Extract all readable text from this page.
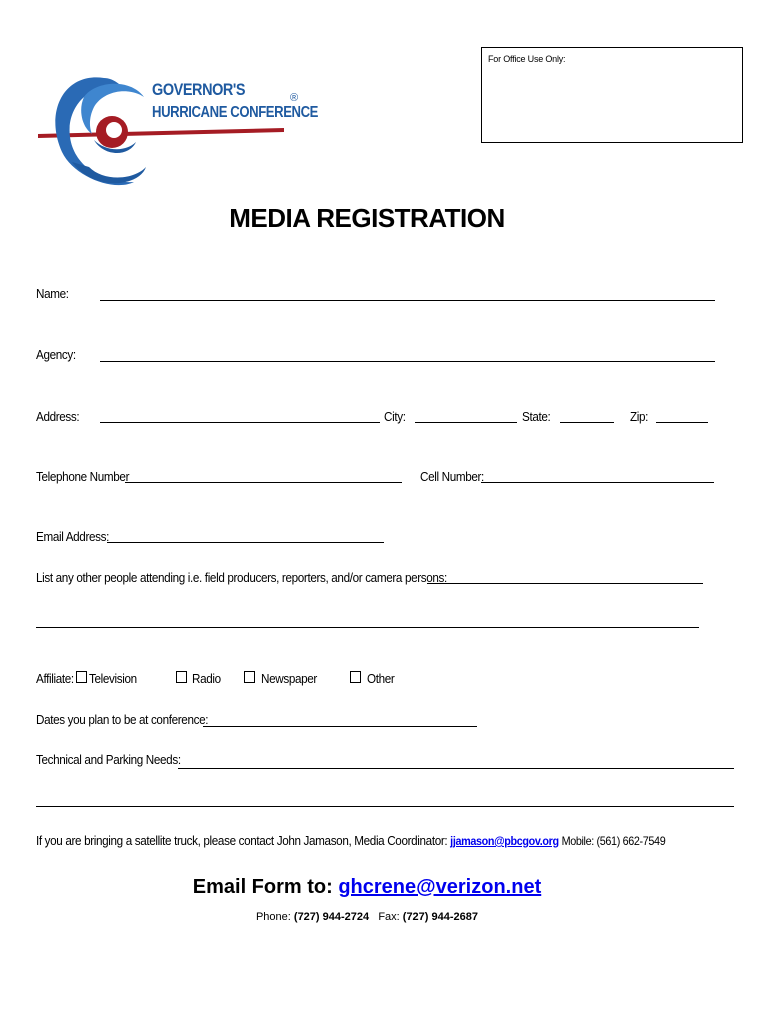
GOVERNOR'S
HURRICANE CONFERENCE
®
For Office Use Only:
MEDIA REGISTRATION
Name:
Agency:
Address:	City:	State:	Zip:
Telephone Number	Cell Number:
Email Address:
List any other people attending i.e. field producers, reporters, and/or camera persons:
Affiliate: Television	Radio	Newspaper	Other
Dates you plan to be at conference:
Technical and Parking Needs:
If you are bringing a satellite truck, please contact John Jamason, Media Coordinator: jjamason@pbcgov.org Mobile: (561) 662-7549
Email Form to: ghcrene@verizon.net
Phone: (727) 944-2724 Fax: (727) 944-2687
